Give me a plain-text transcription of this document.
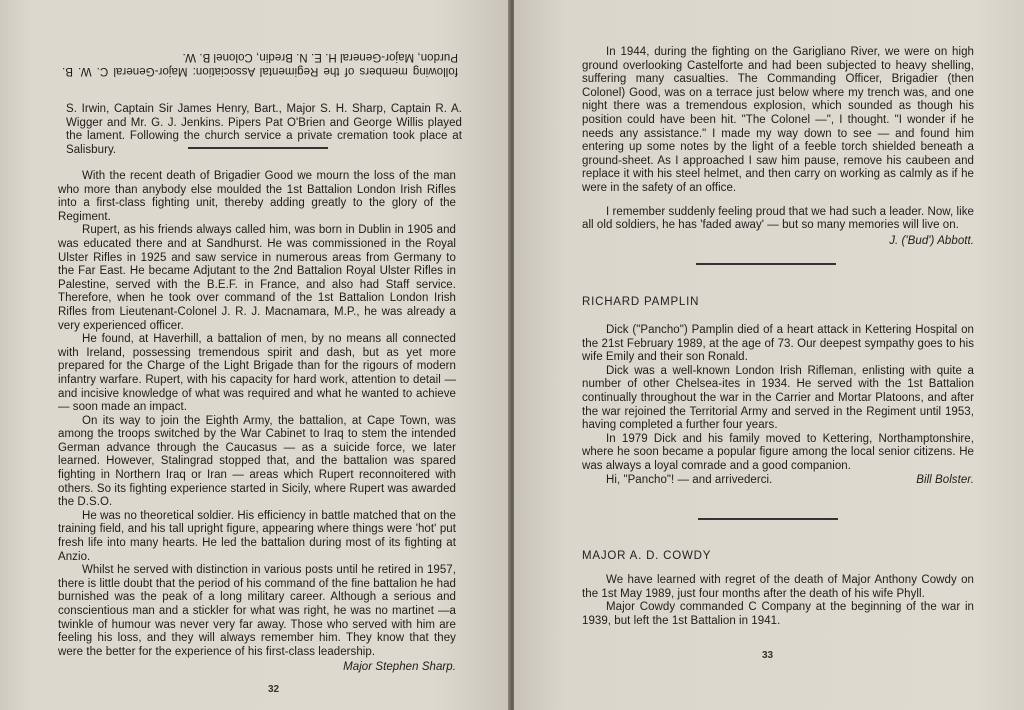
following members of the Regimental Association: Major-General C. W. B. Purdon, Major-General H. E. N. Bredin, Colonel B. W.

S. Irwin, Captain Sir James Henry, Bart., Major S. H. Sharp, Captain R. A. Wigger and Mr. G. J. Jenkins. Pipers Pat O'Brien and George Willis played the lament. Following the church service a private cremation took place at Salisbury.

With the recent death of Brigadier Good we mourn the loss of the man who more than anybody else moulded the 1st Battalion London Irish Rifles into a first-class fighting unit, thereby adding greatly to the glory of the Regiment.

Rupert, as his friends always called him, was born in Dublin in 1905 and was educated there and at Sandhurst. He was commissioned in the Royal Ulster Rifles in 1925 and saw service in numerous areas from Germany to the Far East. He became Adjutant to the 2nd Battalion Royal Ulster Rifles in Palestine, served with the B.E.F. in France, and also had Staff service. Therefore, when he took over command of the 1st Battalion London Irish Rifles from Lieutenant-Colonel J. R. J. Macnamara, M.P., he was already a very experienced officer.

He found, at Haverhill, a battalion of men, by no means all connected with Ireland, possessing tremendous spirit and dash, but as yet more prepared for the Charge of the Light Brigade than for the rigours of modern infantry warfare. Rupert, with his capacity for hard work, attention to detail — and incisive knowledge of what was required and what he wanted to achieve — soon made an impact.

On its way to join the Eighth Army, the battalion, at Cape Town, was among the troops switched by the War Cabinet to Iraq to stem the intended German advance through the Caucasus — as a suicide force, we later learned. However, Stalingrad stopped that, and the battalion was spared fighting in Northern Iraq or Iran — areas which Rupert reconnoitered with others. So its fighting experience started in Sicily, where Rupert was awarded the D.S.O.

He was no theoretical soldier. His efficiency in battle matched that on the training field, and his tall upright figure, appearing where things were 'hot' put fresh life into many hearts. He led the battalion during most of its fighting at Anzio.

Whilst he served with distinction in various posts until he retired in 1957, there is little doubt that the period of his command of the fine battalion he had burnished was the peak of a long military career. Although a serious and conscientious man and a stickler for what was right, he was no martinet —a twinkle of humour was never very far away. Those who served with him are feeling his loss, and they will always remember him. They know that they were the better for the experience of his first-class leadership.

Major Stephen Sharp.
32

In 1944, during the fighting on the Garigliano River, we were on high ground overlooking Castelforte and had been subjected to heavy shelling, suffering many casualties. The Commanding Officer, Brigadier (then Colonel) Good, was on a terrace just below where my trench was, and one night there was a tremendous explosion, which sounded as though his position could have been hit. "The Colonel —", I thought. "I wonder if he needs any assistance." I made my way down to see — and found him entering up some notes by the light of a feeble torch shielded beneath a ground-sheet. As I approached I saw him pause, remove his caubeen and replace it with his steel helmet, and then carry on working as calmly as if he were in the safety of an office.

I remember suddenly feeling proud that we had such a leader. Now, like all old soldiers, he has 'faded away' — but so many memories will live on.

J. ('Bud') Abbott.
RICHARD PAMPLIN

Dick ("Pancho") Pamplin died of a heart attack in Kettering Hospital on the 21st February 1989, at the age of 73. Our deepest sympathy goes to his wife Emily and their son Ronald.

Dick was a well-known London Irish Rifleman, enlisting with quite a number of other Chelsea-ites in 1934. He served with the 1st Battalion continually throughout the war in the Carrier and Mortar Platoons, and after the war rejoined the Territorial Army and served in the Regiment until 1953, having completed a further four years.

In 1979 Dick and his family moved to Kettering, Northamptonshire, where he soon became a popular figure among the local senior citizens. He was always a loyal comrade and a good companion.

Hi, "Pancho"! — and arrivederci.	Bill Bolster.

MAJOR A. D. COWDY

We have learned with regret of the death of Major Anthony Cowdy on the 1st May 1989, just four months after the death of his wife Phyll.

Major Cowdy commanded C Company at the beginning of the war in 1939, but left the 1st Battalion in 1941.

33
